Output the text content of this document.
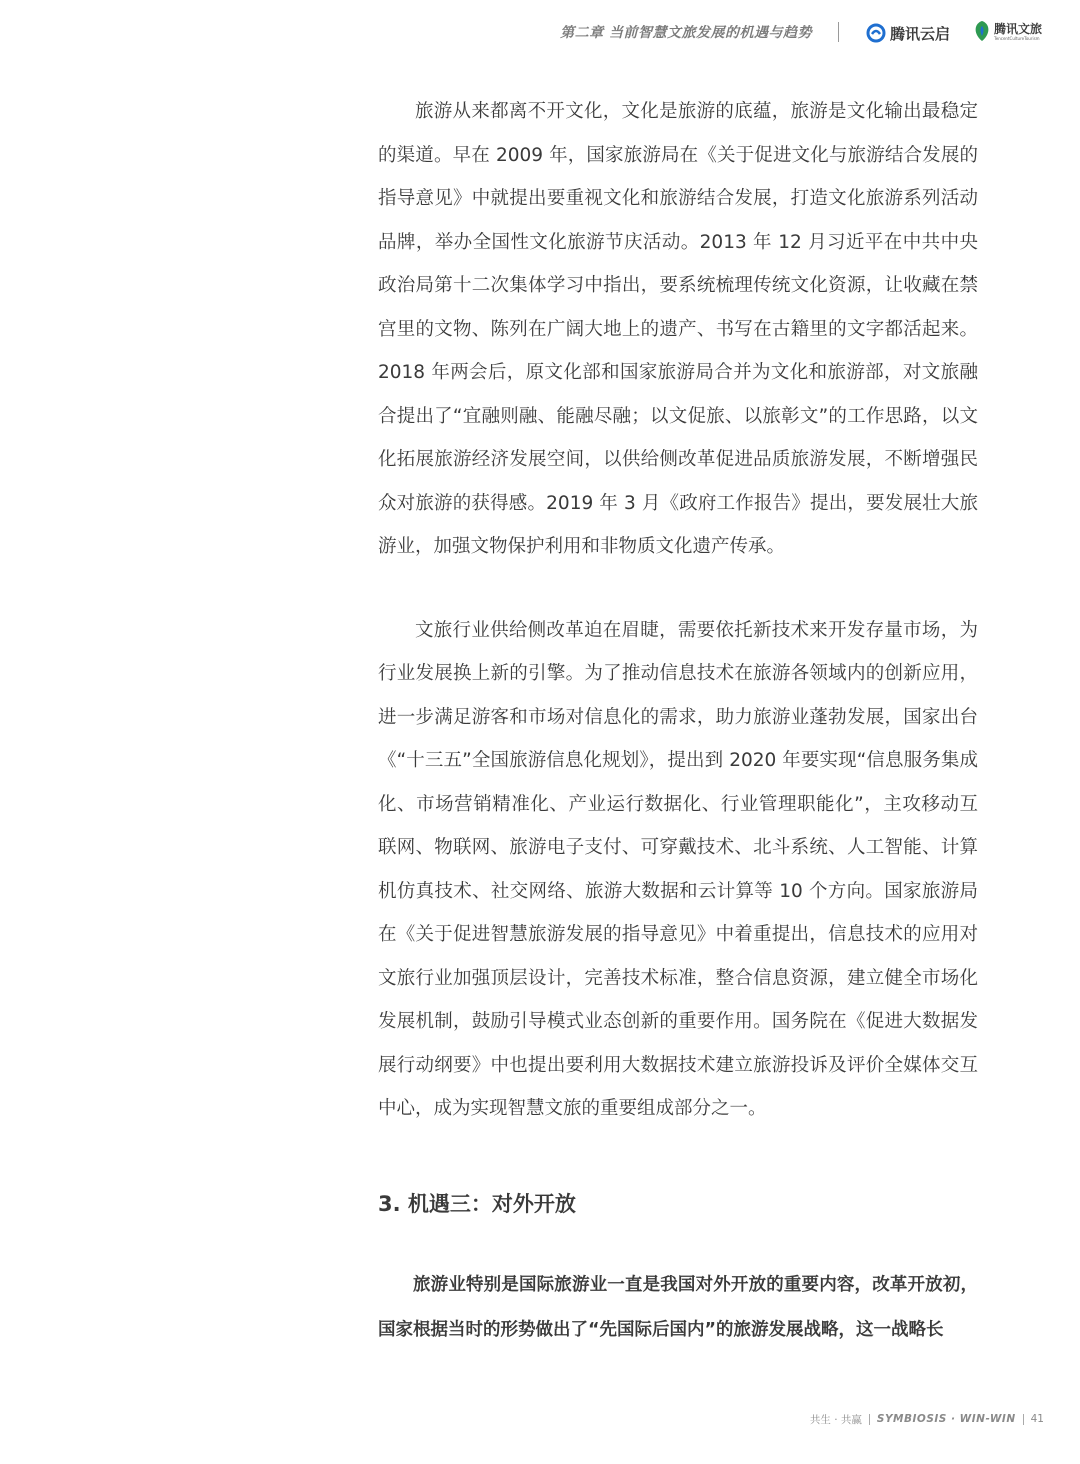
第二章 当前智慧文旅发展的机遇与趋势	腾讯云启	腾讯文旅
TencentCultureTourism

旅游从来都离不开文化，文化是旅游的底蕴，旅游是文化输出最稳定的渠道。早在 2009 年，国家旅游局在《关于促进文化与旅游结合发展的指导意见》中就提出要重视文化和旅游结合发展，打造文化旅游系列活动品牌，举办全国性文化旅游节庆活动。2013 年 12 月习近平在中共中央政治局第十二次集体学习中指出，要系统梳理传统文化资源，让收藏在禁宫里的文物、陈列在广阔大地上的遗产、书写在古籍里的文字都活起来。2018 年两会后，原文化部和国家旅游局合并为文化和旅游部，对文旅融合提出了“宜融则融、能融尽融；以文促旅、以旅彰文”的工作思路，以文化拓展旅游经济发展空间，以供给侧改革促进品质旅游发展，不断增强民众对旅游的获得感。2019 年 3 月《政府工作报告》提出，要发展壮大旅游业，加强文物保护利用和非物质文化遗产传承。

文旅行业供给侧改革迫在眉睫，需要依托新技术来开发存量市场，为行业发展换上新的引擎。为了推动信息技术在旅游各领域内的创新应用，进一步满足游客和市场对信息化的需求，助力旅游业蓬勃发展，国家出台《“十三五”全国旅游信息化规划》，提出到 2020 年要实现“信息服务集成化、市场营销精准化、产业运行数据化、行业管理职能化”，主攻移动互联网、物联网、旅游电子支付、可穿戴技术、北斗系统、人工智能、计算机仿真技术、社交网络、旅游大数据和云计算等 10 个方向。国家旅游局在《关于促进智慧旅游发展的指导意见》中着重提出，信息技术的应用对文旅行业加强顶层设计，完善技术标准，整合信息资源，建立健全市场化发展机制，鼓励引导模式业态创新的重要作用。国务院在《促进大数据发展行动纲要》中也提出要利用大数据技术建立旅游投诉及评价全媒体交互中心，成为实现智慧文旅的重要组成部分之一。

3. 机遇三：对外开放

旅游业特别是国际旅游业一直是我国对外开放的重要内容，改革开放初，国家根据当时的形势做出了“先国际后国内”的旅游发展战略，这一战略长

共生 · 共赢 SYMBIOSIS · WIN-WIN 41
